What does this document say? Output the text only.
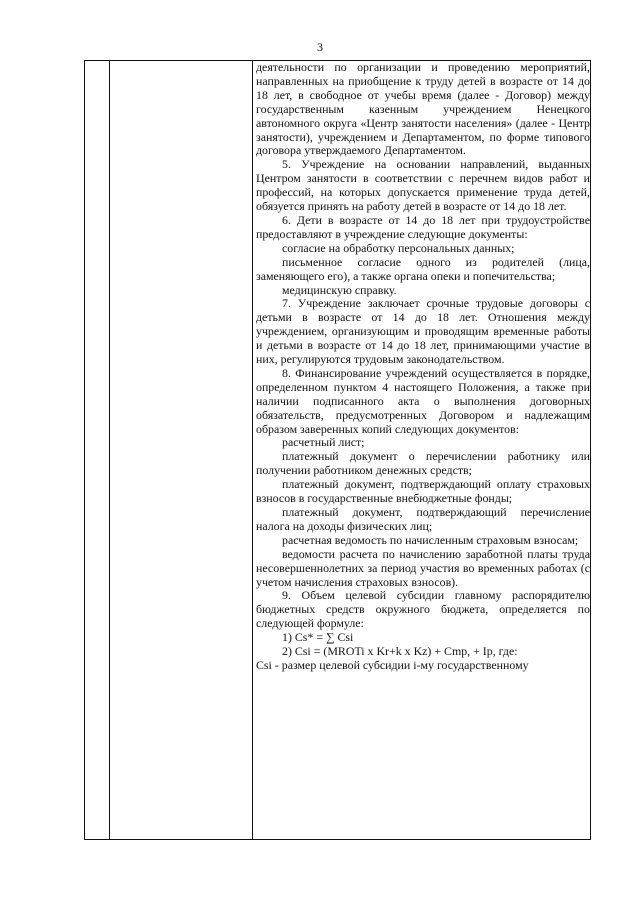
3

деятельности по организации и проведению мероприятий, направленных на приобщение к труду детей в возрасте от 14 до 18 лет, в свободное от учебы время (далее - Договор) между государственным казенным учреждением Ненецкого автономного округа «Центр занятости населения» (далее - Центр занятости), учреждением и Департаментом, по форме типового договора утверждаемого Департаментом.

5. Учреждение на основании направлений, выданных Центром занятости в соответствии с перечнем видов работ и профессий, на которых допускается применение труда детей, обязуется принять на работу детей в возрасте от 14 до 18 лет.

6. Дети в возрасте от 14 до 18 лет при трудоустройстве предоставляют в учреждение следующие документы:

согласие на обработку персональных данных;

письменное согласие одного из родителей (лица, заменяющего его), а также органа опеки и попечительства;

медицинскую справку.

7. Учреждение заключает срочные трудовые договоры с детьми в возрасте от 14 до 18 лет. Отношения между учреждением, организующим и проводящим временные работы и детьми в возрасте от 14 до 18 лет, принимающими участие в них, регулируются трудовым законодательством.

8. Финансирование учреждений осуществляется в порядке, определенном пунктом 4 настоящего Положения, а также при наличии подписанного акта о выполнения договорных обязательств, предусмотренных Договором и надлежащим образом заверенных копий следующих документов:

расчетный лист;

платежный документ о перечислении работнику или получении работником денежных средств;

платежный документ, подтверждающий оплату страховых взносов в государственные внебюджетные фонды;

платежный документ, подтверждающий перечисление налога на доходы физических лиц;

расчетная ведомость по начисленным страховым взносам;

ведомости расчета по начислению заработной платы труда несовершеннолетних за период участия во временных работах (с учетом начисления страховых взносов).

9. Объем целевой субсидии главному распорядителю бюджетных средств окружного бюджета, определяется по следующей формуле:

1) Cs* = ∑ Csi

2) Csi = (MROTi x Kr+k x Kz) + Cmp, + Ip, где:

Csi - размер целевой субсидии i-му государственному
